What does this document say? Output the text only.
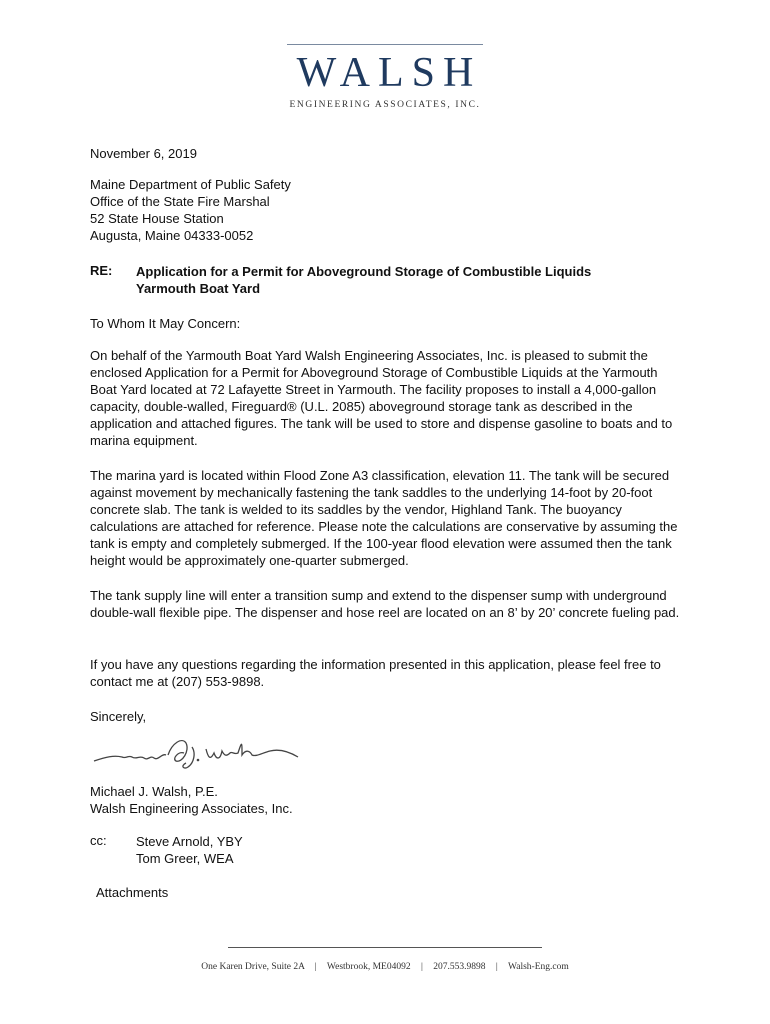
WALSH
ENGINEERING ASSOCIATES, INC.

November 6, 2019

Maine Department of Public Safety
Office of the State Fire Marshal
52 State House Station
Augusta, Maine 04333-0052
RE: Application for a Permit for Aboveground Storage of Combustible Liquids
Yarmouth Boat Yard

To Whom It May Concern:

On behalf of the Yarmouth Boat Yard Walsh Engineering Associates, Inc. is pleased to submit the enclosed Application for a Permit for Aboveground Storage of Combustible Liquids at the Yarmouth Boat Yard located at 72 Lafayette Street in Yarmouth. The facility proposes to install a 4,000-gallon capacity, double-walled, Fireguard® (U.L. 2085) aboveground storage tank as described in the application and attached figures. The tank will be used to store and dispense gasoline to boats and to marina equipment.

The marina yard is located within Flood Zone A3 classification, elevation 11. The tank will be secured against movement by mechanically fastening the tank saddles to the underlying 14-foot by 20-foot concrete slab. The tank is welded to its saddles by the vendor, Highland Tank. The buoyancy calculations are attached for reference. Please note the calculations are conservative by assuming the tank is empty and completely submerged. If the 100-year flood elevation were assumed then the tank height would be approximately one-quarter submerged.

The tank supply line will enter a transition sump and extend to the dispenser sump with underground double-wall flexible pipe. The dispenser and hose reel are located on an 8’ by 20’ concrete fueling pad.

If you have any questions regarding the information presented in this application, please feel free to contact me at (207) 553-9898.

Sincerely,

Michael J. Walsh, P.E.
Walsh Engineering Associates, Inc.
cc: Steve Arnold, YBY
Tom Greer, WEA

Attachments

One Karen Drive, Suite 2A | Westbrook, ME04092 | 207.553.9898 | Walsh-Eng.com
